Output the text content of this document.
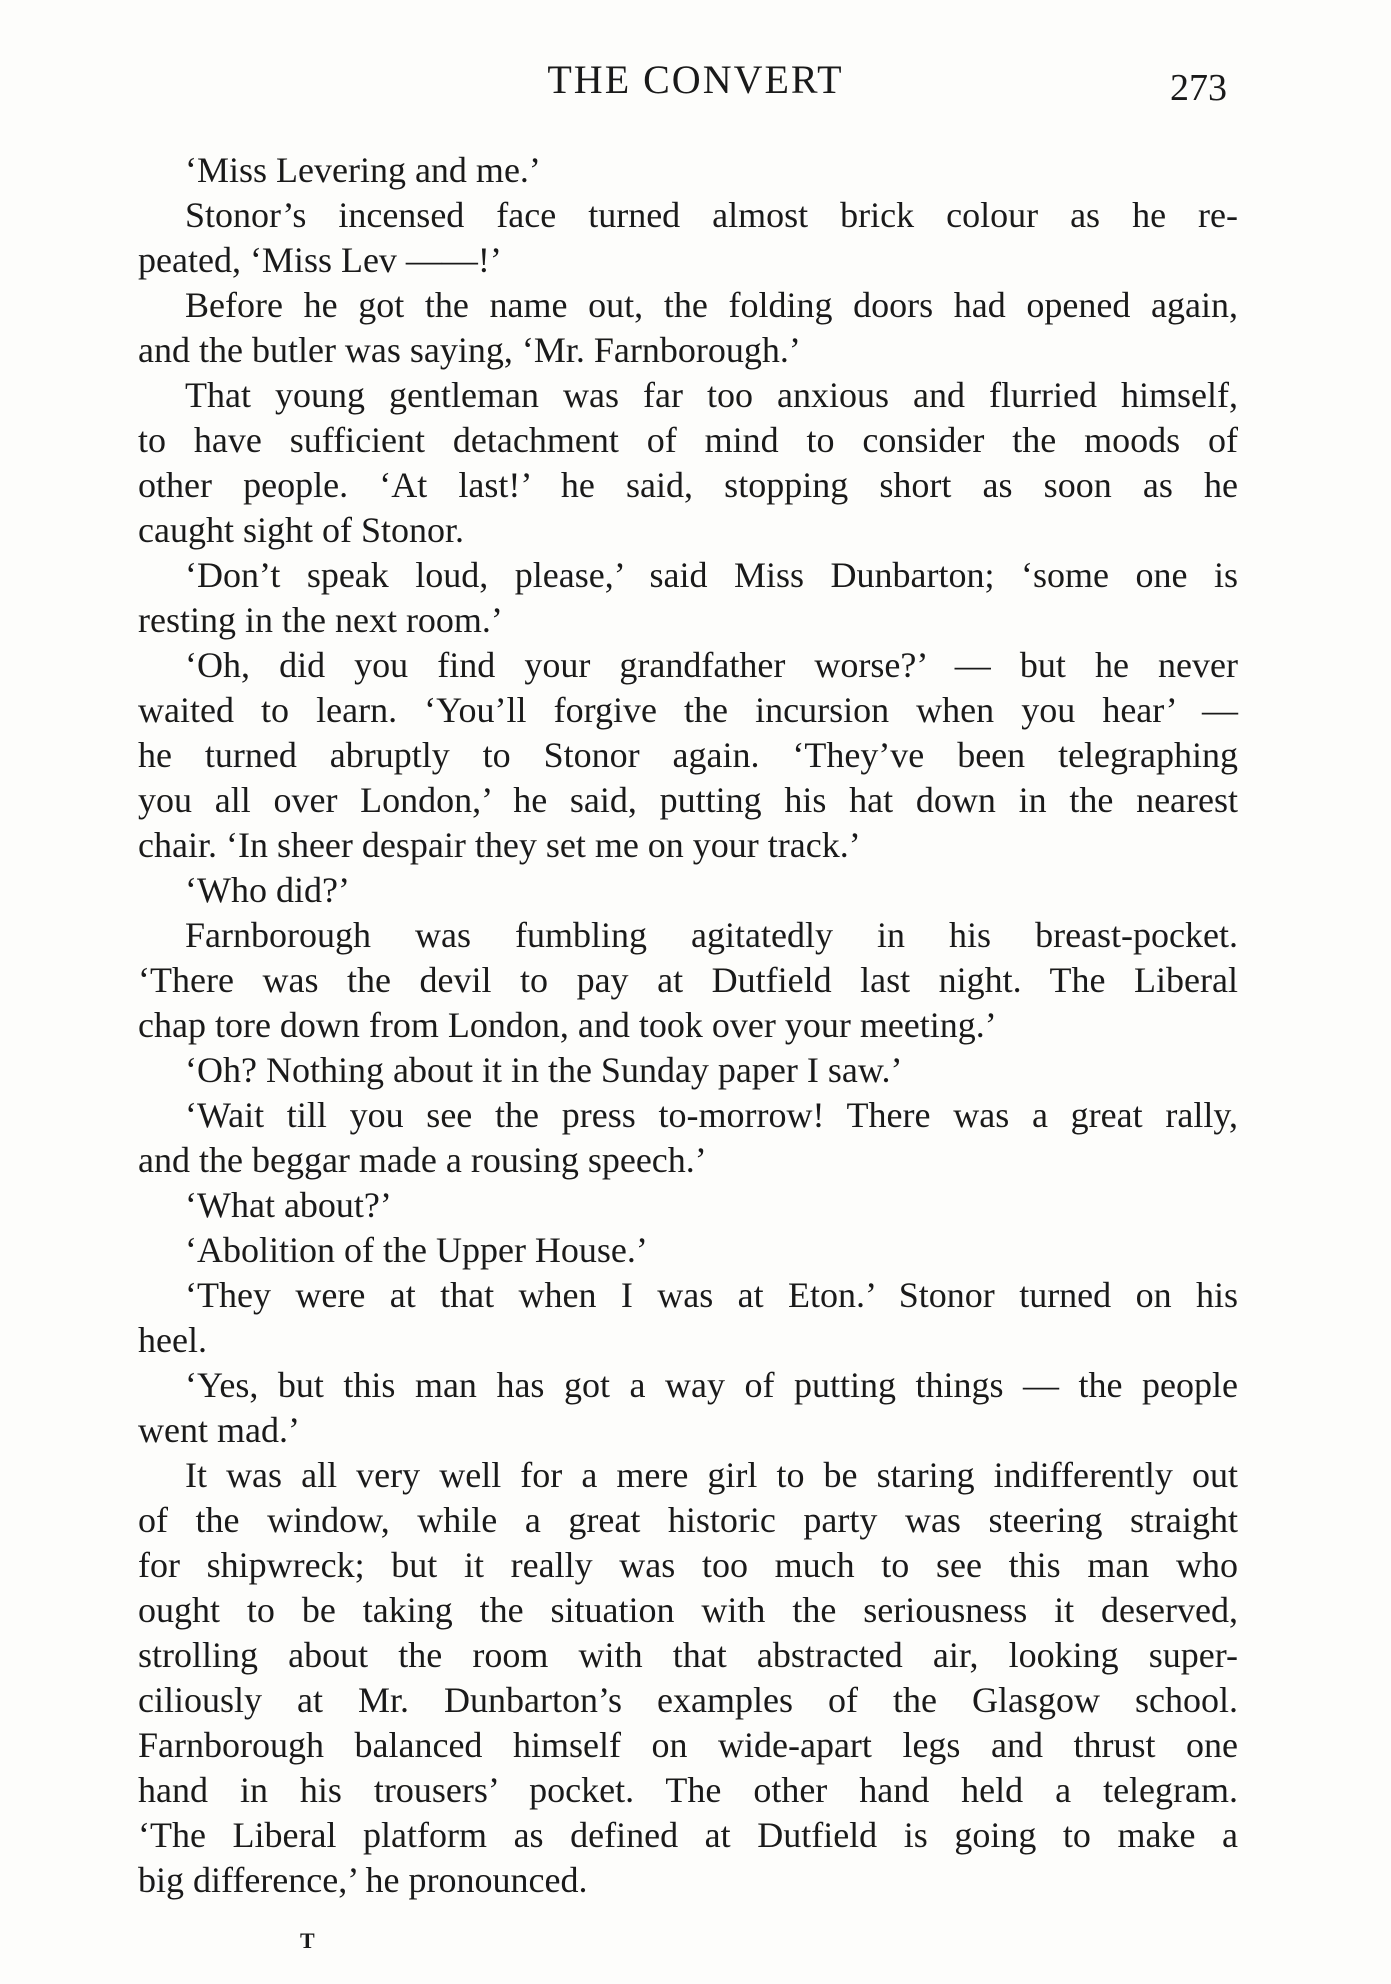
THE CONVERT	273
‘Miss Levering and me.’
Stonor’s incensed face turned almost brick colour as he re-
peated, ‘Miss Lev ——!’
Before he got the name out, the folding doors had opened again,
and the butler was saying, ‘Mr. Farnborough.’
That young gentleman was far too anxious and flurried himself,
to have sufficient detachment of mind to consider the moods of
other people. ‘At last!’ he said, stopping short as soon as he
caught sight of Stonor.
‘Don’t speak loud, please,’ said Miss Dunbarton; ‘some one is
resting in the next room.’
‘Oh, did you find your grandfather worse?’ — but he never
waited to learn. ‘You’ll forgive the incursion when you hear’ —
he turned abruptly to Stonor again. ‘They’ve been telegraphing
you all over London,’ he said, putting his hat down in the nearest
chair. ‘In sheer despair they set me on your track.’
‘Who did?’
Farnborough was fumbling agitatedly in his breast-pocket.
‘There was the devil to pay at Dutfield last night. The Liberal
chap tore down from London, and took over your meeting.’
‘Oh? Nothing about it in the Sunday paper I saw.’
‘Wait till you see the press to-morrow! There was a great rally,
and the beggar made a rousing speech.’
‘What about?’
‘Abolition of the Upper House.’
‘They were at that when I was at Eton.’ Stonor turned on his
heel.
‘Yes, but this man has got a way of putting things — the people
went mad.’
It was all very well for a mere girl to be staring indifferently out
of the window, while a great historic party was steering straight
for shipwreck; but it really was too much to see this man who
ought to be taking the situation with the seriousness it deserved,
strolling about the room with that abstracted air, looking super-
ciliously at Mr. Dunbarton’s examples of the Glasgow school.
Farnborough balanced himself on wide-apart legs and thrust one
hand in his trousers’ pocket. The other hand held a telegram.
‘The Liberal platform as defined at Dutfield is going to make a
big difference,’ he pronounced.
T
